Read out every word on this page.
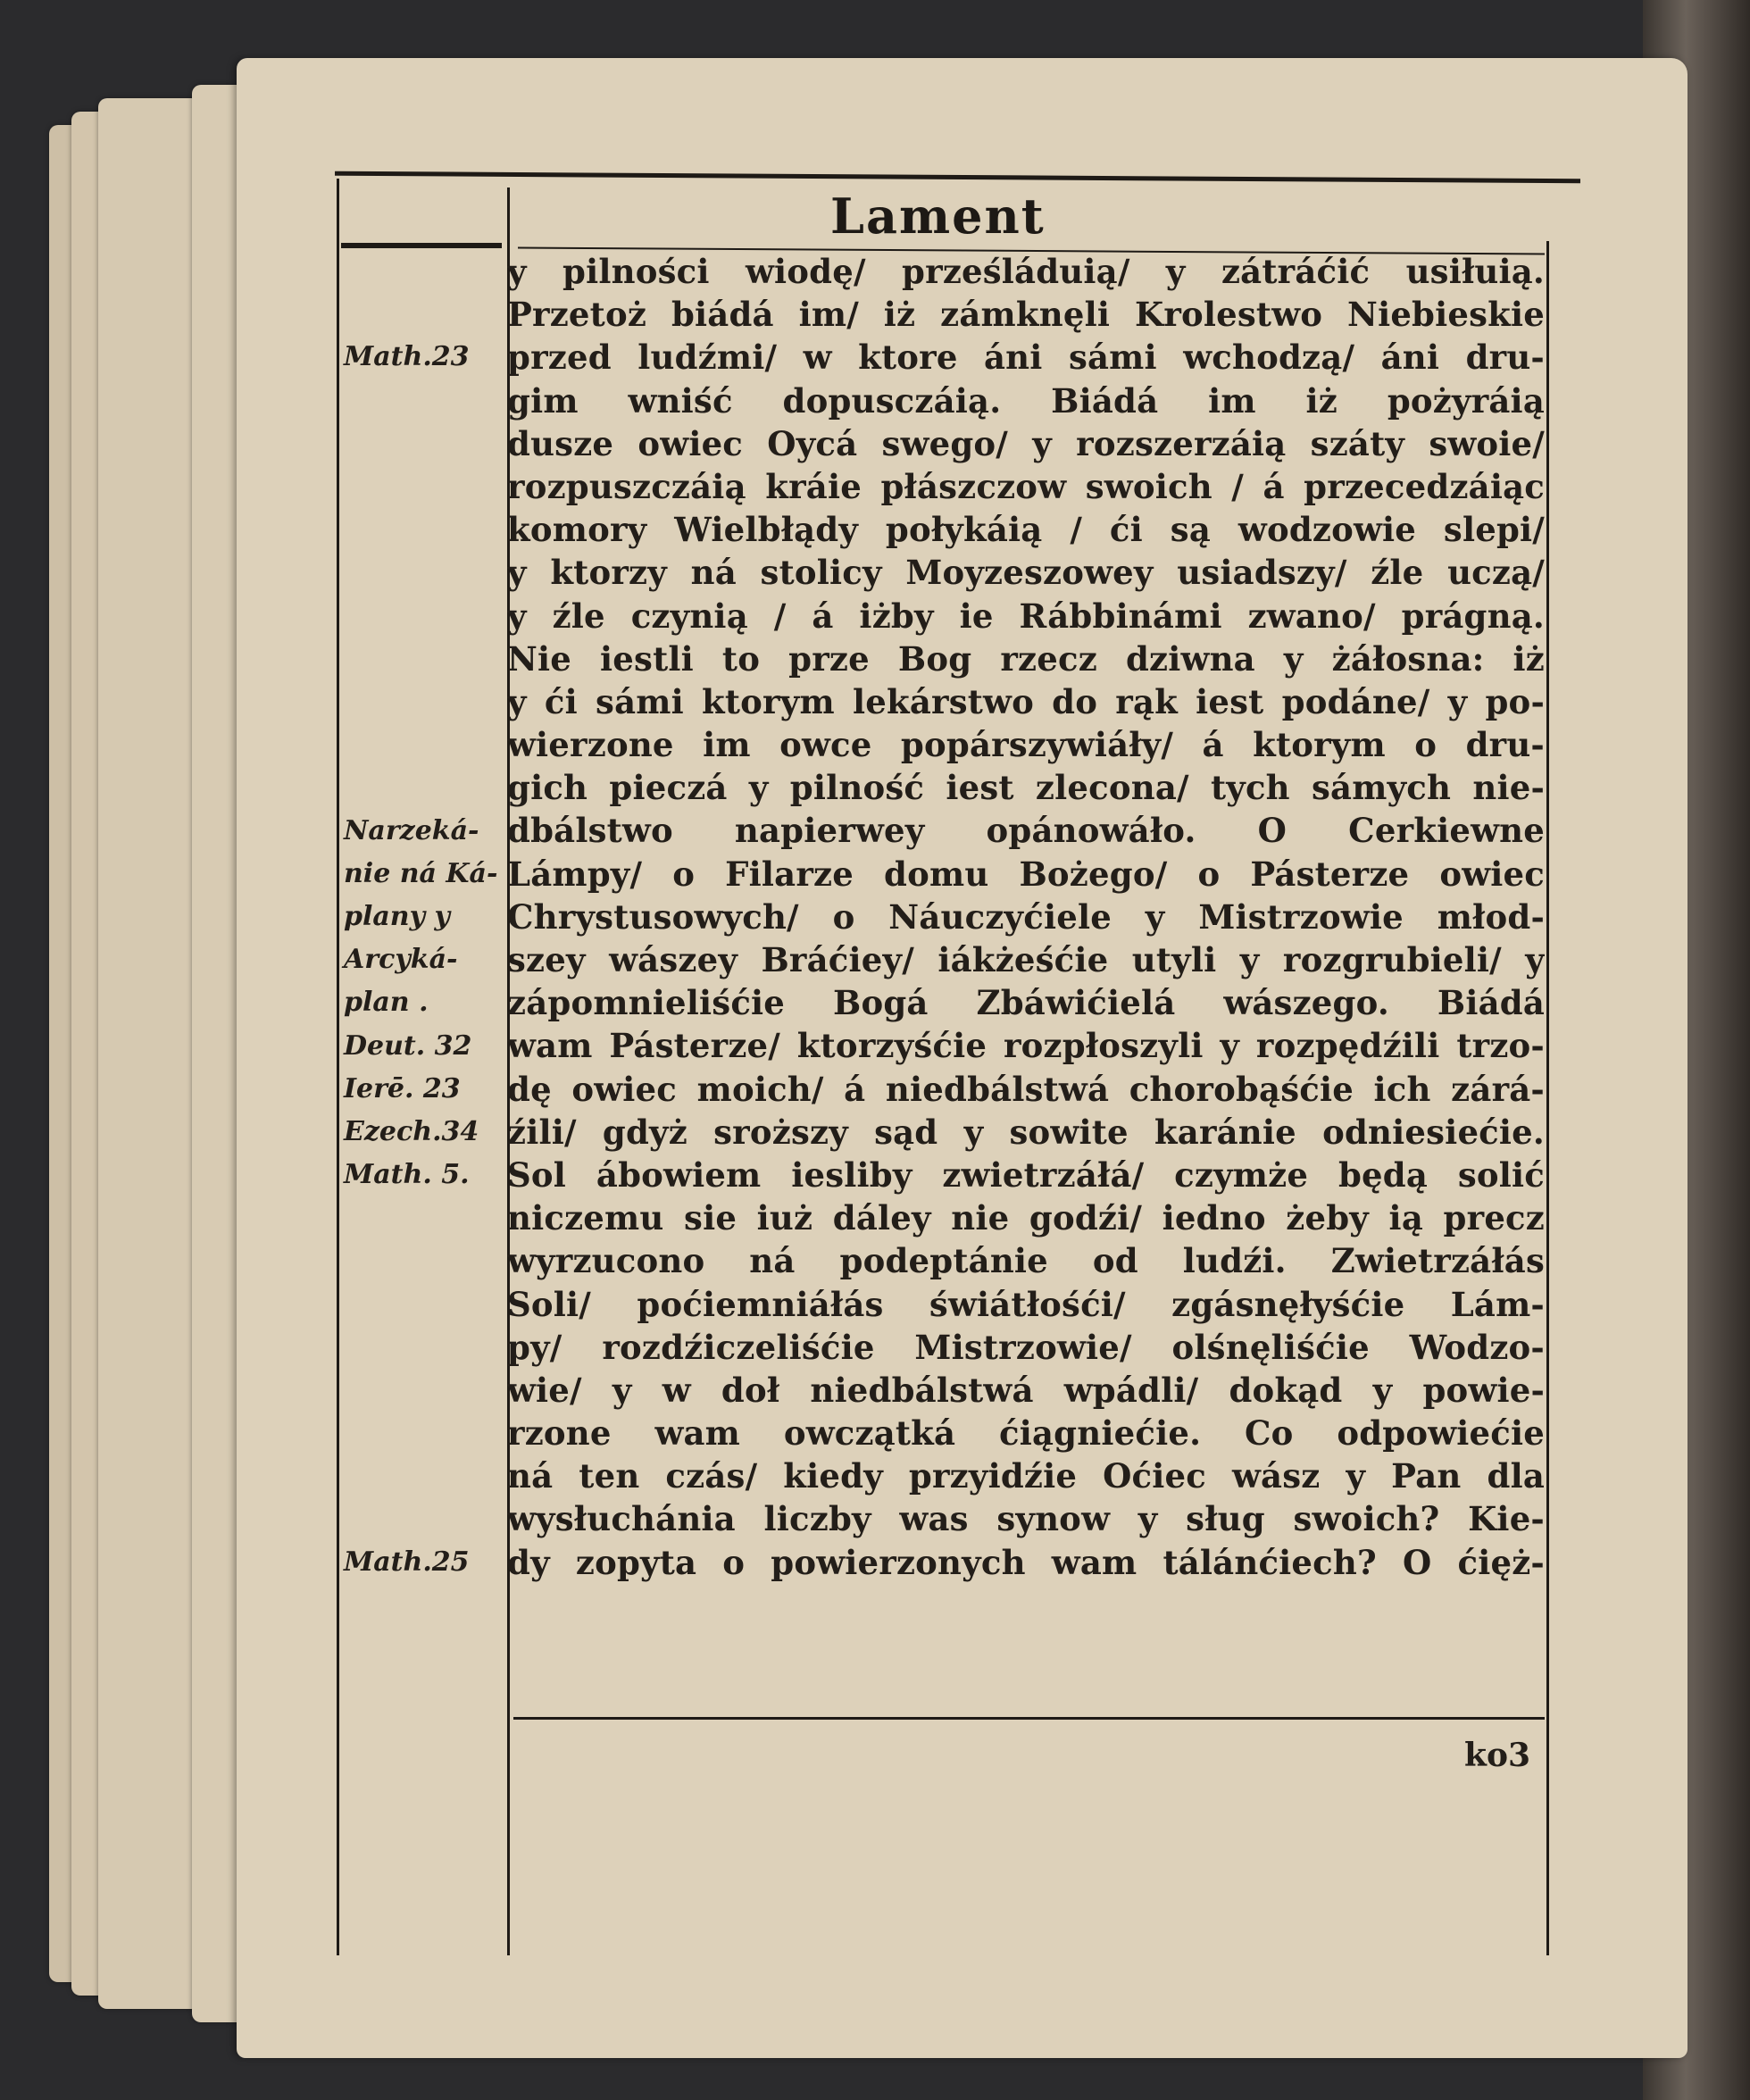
Lament
y pilności wiodę/ prześláduią/ y zátráćić usiłuią.
Przetoż biádá im/ iż zámknęli Krolestwo Niebieskie
przed ludźmi/ w ktore áni sámi wchodzą/ áni dru-
gim wniść dopusczáią. Biádá im iż pożyráią
dusze owiec Oycá swego/ y rozszerzáią száty swoie/
rozpuszczáią kráie płászczow swoich / á przecedzáiąc
komory Wielbłądy połykáią / ći są wodzowie slepi/
y ktorzy ná stolicy Moyzeszowey usiadszy/ źle uczą/
y źle czynią / á iżby ie Rábbinámi zwano/ prágną.
Nie iestli to prze Bog rzecz dziwna y żáłosna: iż
y ći sámi ktorym lekárstwo do rąk iest podáne/ y po-
wierzone im owce popárszywiáły/ á ktorym o dru-
gich pieczá y pilność iest zlecona/ tych sámych nie-
dbálstwo napierwey opánowáło. O Cerkiewne
Lámpy/ o Filarze domu Bożego/ o Pásterze owiec
Chrystusowych/ o Náuczyćiele y Mistrzowie młod-
szey wászey Bráćiey/ iákżeśćie utyli y rozgrubieli/ y
zápomnieliśćie Bogá Zbáwićielá wászego. Biádá
wam Pásterze/ ktorzyśćie rozpłoszyli y rozpędźili trzo-
dę owiec moich/ á niedbálstwá chorobąśćie ich zárá-
źili/ gdyż sroższy sąd y sowite karánie odniesiećie.
Sol ábowiem iesliby zwietrzáłá/ czymże będą solić
niczemu sie iuż dáley nie godźi/ iedno żeby ią precz
wyrzucono ná podeptánie od ludźi. Zwietrzáłás
Soli/ poćiemniáłás świátłośći/ zgásnęłyśćie Lám-
py/ rozdźiczeliśćie Mistrzowie/ olśnęliśćie Wodzo-
wie/ y w doł niedbálstwá wpádli/ dokąd y powie-
rzone wam owczątká ćiągniećie. Co odpowiećie
ná ten czás/ kiedy przyidźie Oćiec wász y Pan dla
wysłuchánia liczby was synow y sług swoich? Kie-
dy zopyta o powierzonych wam tálánćiech? O ćięż-
Math.23
Narzeká-
nie ná Ká-
plany y
Arcyká-
plan .
Deut. 32
Ierē. 23
Ezech.34
Math. 5.
Math.25
ko3
